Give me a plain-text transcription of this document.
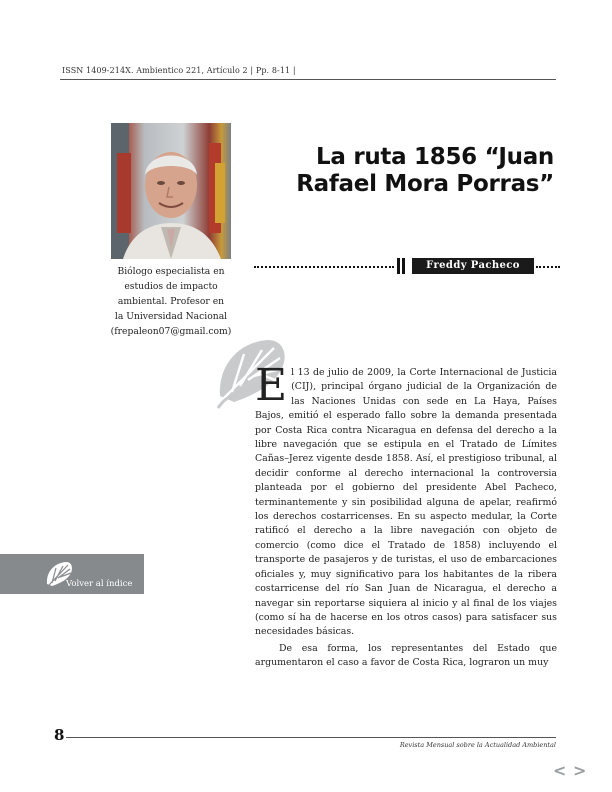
ISSN 1409-214X. Ambientico 221, Artículo 2 | Pp. 8-11 |
Biólogo especialista en
estudios de impacto
ambiental. Profesor en
la Universidad Nacional
(frepaleon07@gmail.com)
La ruta 1856 “Juan
Rafael Mora Porras”
Freddy Pacheco

El 13 de julio de 2009, la Corte Internacional de Justicia (CIJ), principal órgano judicial de la Organización de las Naciones Unidas con sede en La Haya, Países Bajos, emitió el esperado fallo sobre la demanda presentada por Costa Rica contra Nicaragua en defensa del derecho a la libre navegación que se estipula en el Tratado de Límites Cañas–Jerez vigente desde 1858. Así, el prestigioso tribunal, al decidir conforme al derecho internacional la controversia planteada por el gobierno del presidente Abel Pacheco, terminantemente y sin posibilidad alguna de apelar, reafirmó los derechos costarricenses. En su aspecto medular, la Corte ratificó el derecho a la libre navegación con objeto de comercio (como dice el Tratado de 1858) incluyendo el transporte de pasajeros y de turistas, el uso de embarcaciones oficiales y, muy significativo para los habitantes de la ribera costarricense del río San Juan de Nicaragua, el derecho a navegar sin reportarse siquiera al inicio y al final de los viajes (como sí ha de hacerse en los otros casos) para satisfacer sus necesidades básicas.

De esa forma, los representantes del Estado que argumentaron el caso a favor de Costa Rica, lograron un muy

Volver al índice
8
Revista Mensual sobre la Actualidad Ambiental
< >
